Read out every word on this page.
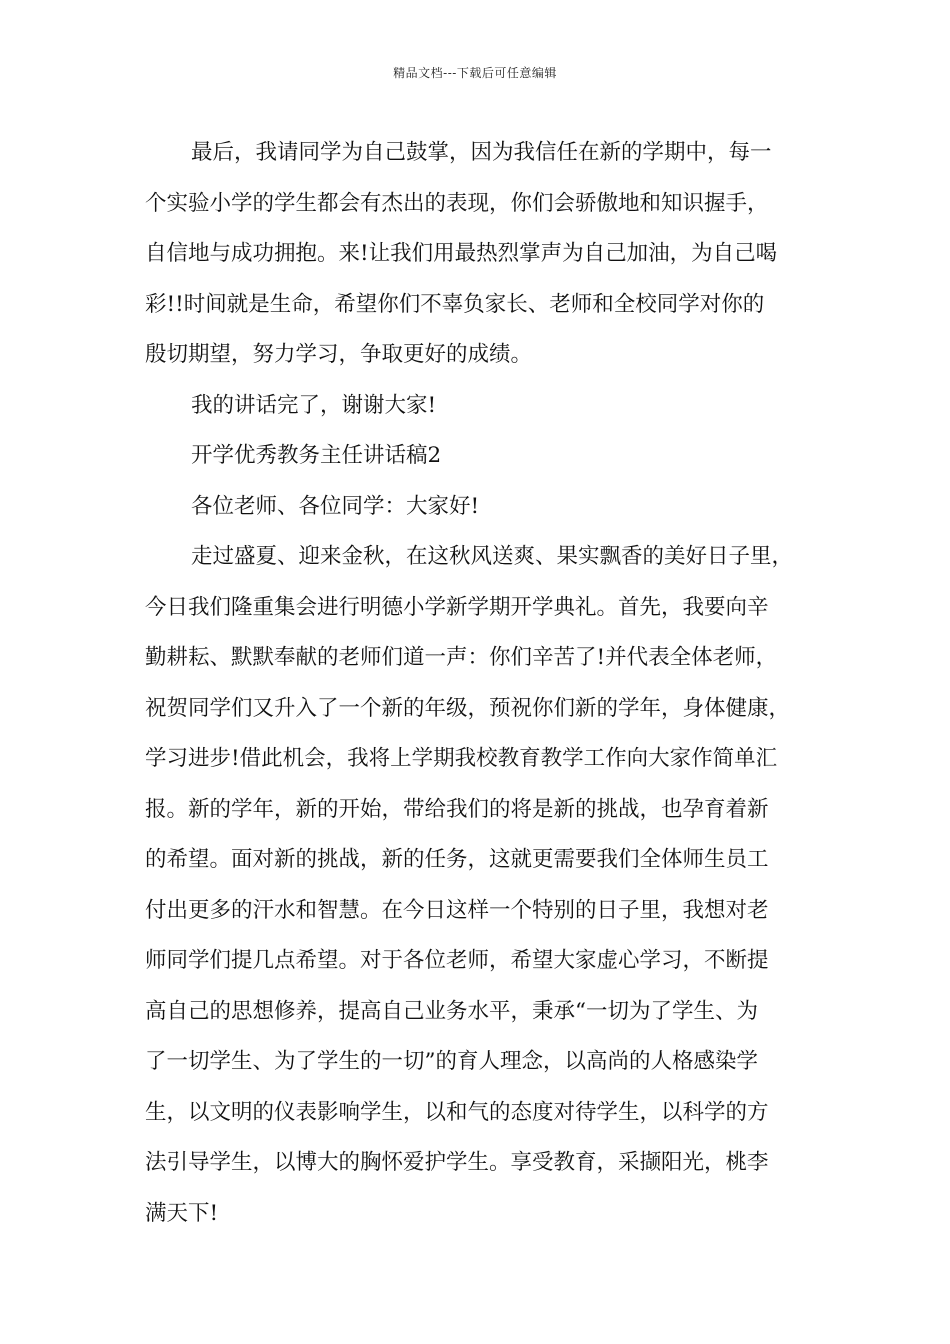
精品文档---下载后可任意编辑
最后，我请同学为自己鼓掌，因为我信任在新的学期中，每一
个实验小学的学生都会有杰出的表现，你们会骄傲地和知识握手，
自信地与成功拥抱。来!让我们用最热烈掌声为自己加油，为自己喝
彩!!时间就是生命，希望你们不辜负家长、老师和全校同学对你的
殷切期望，努力学习，争取更好的成绩。
我的讲话完了，谢谢大家!
开学优秀教务主任讲话稿2
各位老师、各位同学：大家好!
走过盛夏、迎来金秋，在这秋风送爽、果实飘香的美好日子里，
今日我们隆重集会进行明德小学新学期开学典礼。首先，我要向辛
勤耕耘、默默奉献的老师们道一声：你们辛苦了!并代表全体老师，
祝贺同学们又升入了一个新的年级，预祝你们新的学年，身体健康，
学习进步!借此机会，我将上学期我校教育教学工作向大家作简单汇
报。新的学年，新的开始，带给我们的将是新的挑战，也孕育着新
的希望。面对新的挑战，新的任务，这就更需要我们全体师生员工
付出更多的汗水和智慧。在今日这样一个特别的日子里，我想对老
师同学们提几点希望。对于各位老师，希望大家虚心学习，不断提
高自己的思想修养，提高自己业务水平，秉承“一切为了学生、为
了一切学生、为了学生的一切”的育人理念，以高尚的人格感染学
生，以文明的仪表影响学生，以和气的态度对待学生，以科学的方
法引导学生，以博大的胸怀爱护学生。享受教育，采撷阳光，桃李
满天下!
